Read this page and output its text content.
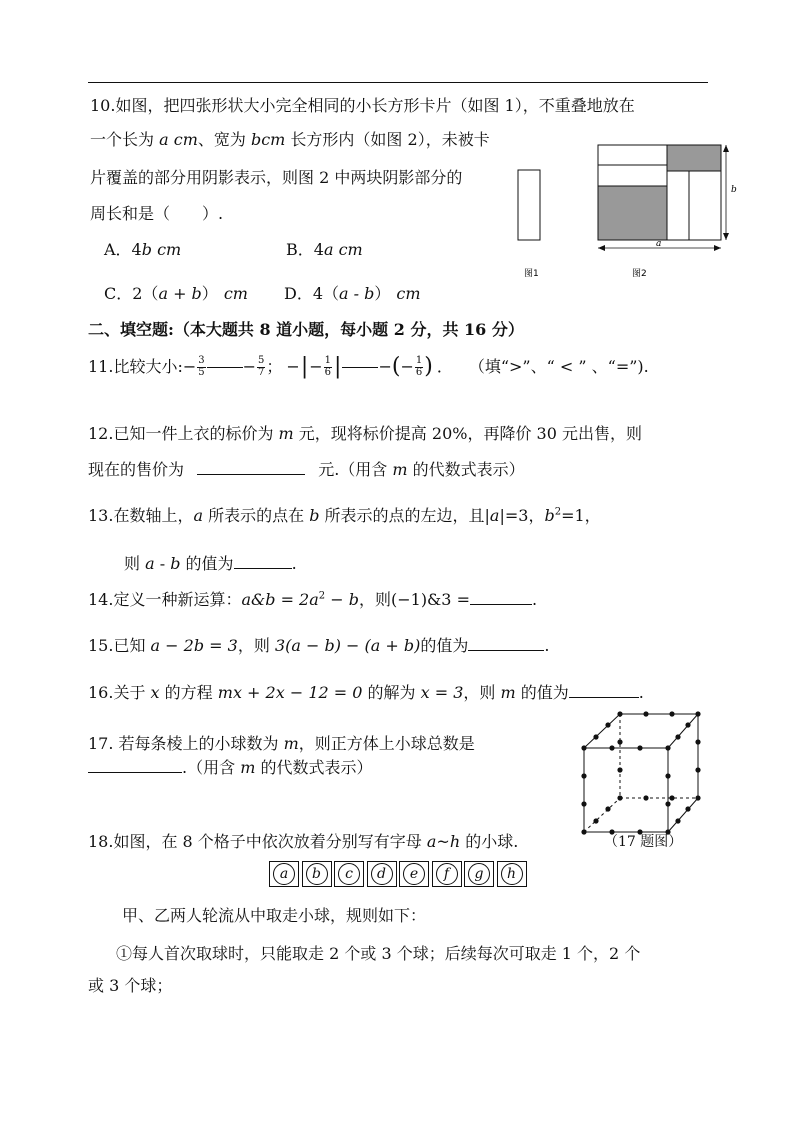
10.如图，把四张形状大小完全相同的小长方形卡片（如图 1），不重叠地放在
一个长为 a cm、宽为 bcm 长方形内（如图 2），未被卡
片覆盖的部分用阴影表示，则图 2 中两块阴影部分的
周长和是（　　）.
A．4b cm	B．4a cm
C．2（a + b） cm D．4（a - b） cm
b
a
图1	图2
二、填空题:（本大题共 8 道小题，每小题 2 分，共 16 分）
11.比较大小: − $\frac{3}{5} - \frac{5}{7}$ ； − | − $\frac{1}{6}$ | − ( − $\frac{1}{6}$ ) ． （填“>”、“ < ” 、“=”).
12.已知一件上衣的标价为 m 元，现将标价提高 20%，再降价 30 元出售，则
现在的售价为	元.（用含 m 的代数式表示）
13.在数轴上，a 所表示的点在 b 所表示的点的左边，且|a|=3，$b^2=1$，
则 a - b 的值为	.
14.定义一种新运算：a&b = $2a^2 - b$，则(−1)&3 =	.
15.已知 a − 2b = 3，则 3(a − b) − (a + b)的值为	.
16.关于 x 的方程 mx + 2x − 12 = 0 的解为 x = 3，则 m 的值为	.
17. 若每条棱上的小球数为 m，则正方体上小球总数是
.（用含 m 的代数式表示）
（17 题图）
18.如图，在 8 个格子中依次放着分别写有字母 a~h 的小球.
a	b	c	d	e	f	g	h
甲、乙两人轮流从中取走小球，规则如下：
①每人首次取球时，只能取走 2 个或 3 个球；后续每次可取走 1 个，2 个
或 3 个球；
